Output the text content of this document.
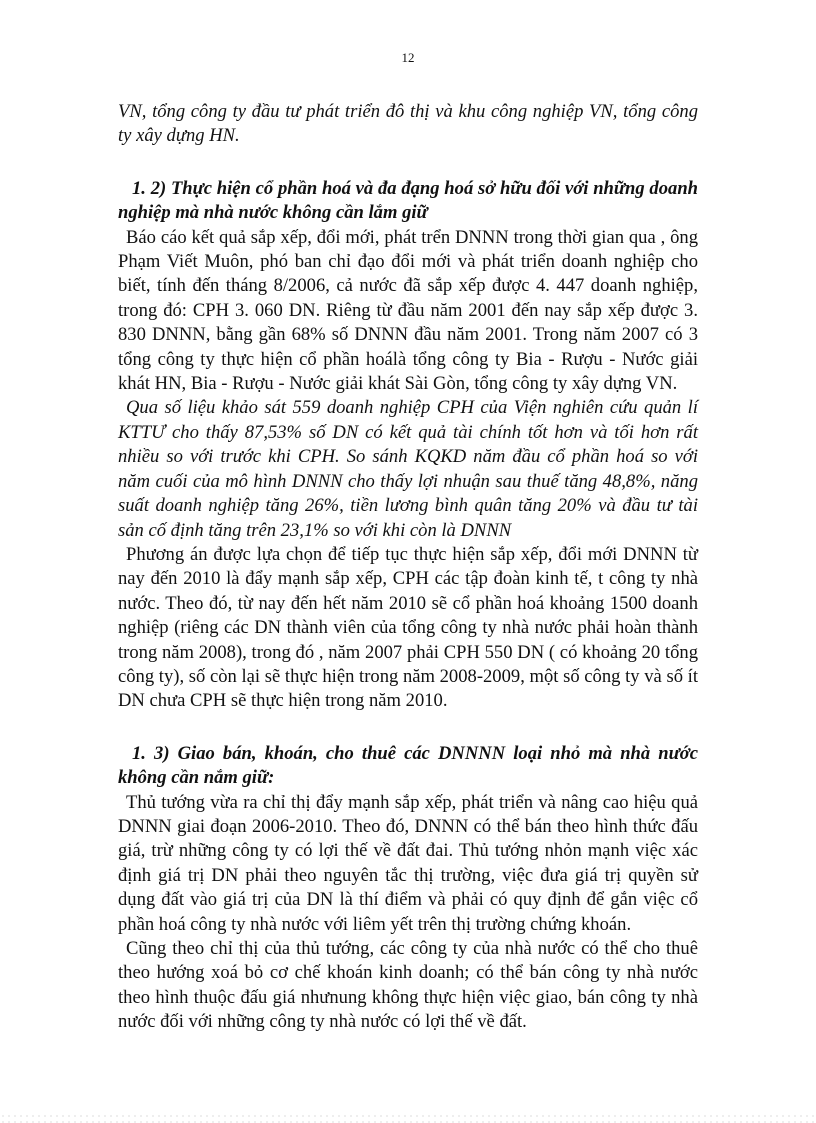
12

VN, tổng công ty đầu tư phát triển đô thị và khu công nghiệp VN, tổng công ty xây dựng HN.

1. 2) Thực hiện cổ phần hoá và đa đạng hoá sở hữu đối với những doanh nghiệp mà nhà nước không cần lắm giữ

Báo cáo kết quả sắp xếp, đổi mới, phát trển DNNN trong thời gian qua , ông Phạm Viết Muôn, phó ban chỉ đạo đổi mới và phát triển doanh nghiệp cho biết, tính đến tháng 8/2006, cả nước đã sắp xếp được 4. 447 doanh nghiệp, trong đó: CPH 3. 060 DN. Riêng từ đầu năm 2001 đến nay sắp xếp được 3. 830 DNNN, bằng gần 68% số DNNN đầu năm 2001. Trong năm 2007 có 3 tổng công ty thực hiện cổ phần hoálà tổng công ty Bia - Rượu - Nước giải khát HN, Bia - Rượu - Nước giải khát Sài Gòn, tổng công ty xây dựng VN.

Qua số liệu khảo sát 559 doanh nghiệp CPH của Viện nghiên cứu quản lí KTTƯ cho thấy 87,53% số DN có kết quả tài chính tốt hơn và tối hơn rất nhiều so với trước khi CPH. So sánh KQKD năm đầu cổ phần hoá so với năm cuối của mô hình DNNN cho thấy lợi nhuận sau thuế tăng 48,8%, năng suất doanh nghiệp tăng 26%, tiền lương bình quân tăng 20% và đầu tư tài sản cố định tăng trên 23,1% so với khi còn là DNNN

Phương án được lựa chọn để tiếp tục thực hiện sắp xếp, đổi mới DNNN từ nay đến 2010 là đẩy mạnh sắp xếp, CPH các tập đoàn kinh tế, t công ty nhà nước. Theo đó, từ nay đến hết năm 2010 sẽ cổ phần hoá khoảng 1500 doanh nghiệp (riêng các DN thành viên của tổng công ty nhà nước phải hoàn thành trong năm 2008), trong đó , năm 2007 phải CPH 550 DN ( có khoảng 20 tổng công ty), số còn lại sẽ thực hiện trong năm 2008-2009, một số công ty và số ít DN chưa CPH sẽ thực hiện trong năm 2010.

1. 3) Giao bán, khoán, cho thuê các DNNNN loại nhỏ mà nhà nước không cần nắm giữ:

Thủ tướng vừa ra chỉ thị đẩy mạnh sắp xếp, phát triển và nâng cao hiệu quả DNNN giai đoạn 2006-2010. Theo đó, DNNN có thể bán theo hình thức đấu giá, trừ những công ty có lợi thế về đất đai. Thủ tướng nhỏn mạnh việc xác định giá trị DN phải theo nguyên tắc thị trường, việc đưa giá trị quyền sử dụng đất vào giá trị của DN là thí điểm và phải có quy định để gắn việc cổ phần hoá công ty nhà nước với liêm yết trên thị trường chứng khoán.

Cũng theo chỉ thị của thủ tướng, các công ty của nhà nước có thể cho thuê theo hướng xoá bỏ cơ chế khoán kinh doanh; có thể bán công ty nhà nước theo hình thuộc đấu giá nhưnung không thực hiện việc giao, bán công ty nhà nước đối với những công ty nhà nước có lợi thế về đất.
